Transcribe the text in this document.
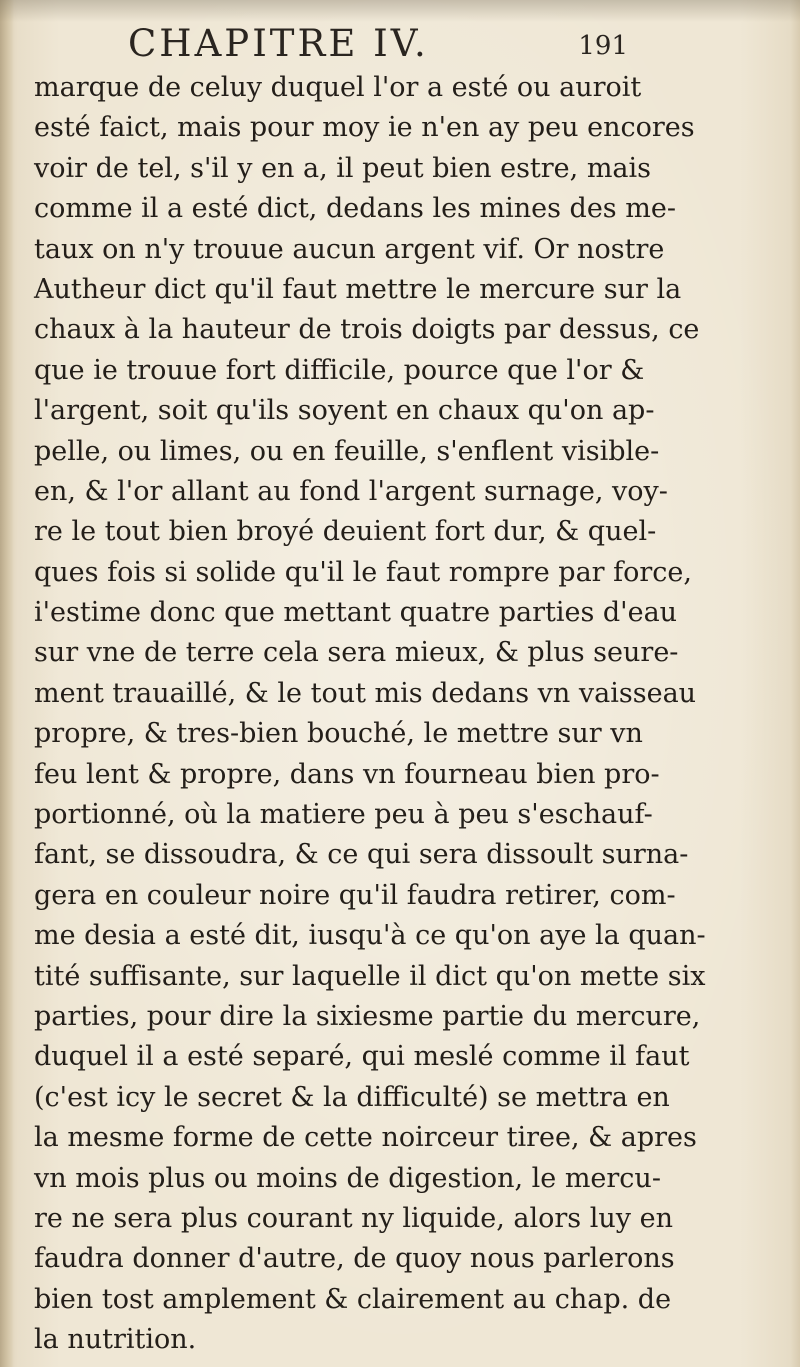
CHAPITRE IV.	191
marque de celuy duquel l'or a esté ou auroit
esté faict, mais pour moy ie n'en ay peu encores
voir de tel, s'il y en a, il peut bien estre, mais
comme il a esté dict, dedans les mines des me-
taux on n'y trouue aucun argent vif. Or nostre
Autheur dict qu'il faut mettre le mercure sur la
chaux à la hauteur de trois doigts par dessus, ce
que ie trouue fort difficile, pource que l'or &
l'argent, soit qu'ils soyent en chaux qu'on ap-
pelle, ou limes, ou en feuille, s'enflent visible-
en, & l'or allant au fond l'argent surnage, voy-
re le tout bien broyé deuient fort dur, & quel-
ques fois si solide qu'il le faut rompre par force,
i'estime donc que mettant quatre parties d'eau
sur vne de terre cela sera mieux, & plus seure-
ment trauaillé, & le tout mis dedans vn vaisseau
propre, & tres-bien bouché, le mettre sur vn
feu lent & propre, dans vn fourneau bien pro-
portionné, où la matiere peu à peu s'eschauf-
fant, se dissoudra, & ce qui sera dissoult surna-
gera en couleur noire qu'il faudra retirer, com-
me desia a esté dit, iusqu'à ce qu'on aye la quan-
tité suffisante, sur laquelle il dict qu'on mette six
parties, pour dire la sixiesme partie du mercure,
duquel il a esté separé, qui meslé comme il faut
(c'est icy le secret & la difficulté) se mettra en
la mesme forme de cette noirceur tiree, & apres
vn mois plus ou moins de digestion, le mercu-
re ne sera plus courant ny liquide, alors luy en
faudra donner d'autre, de quoy nous parlerons
bien tost amplement & clairement au chap. de
la nutrition.
